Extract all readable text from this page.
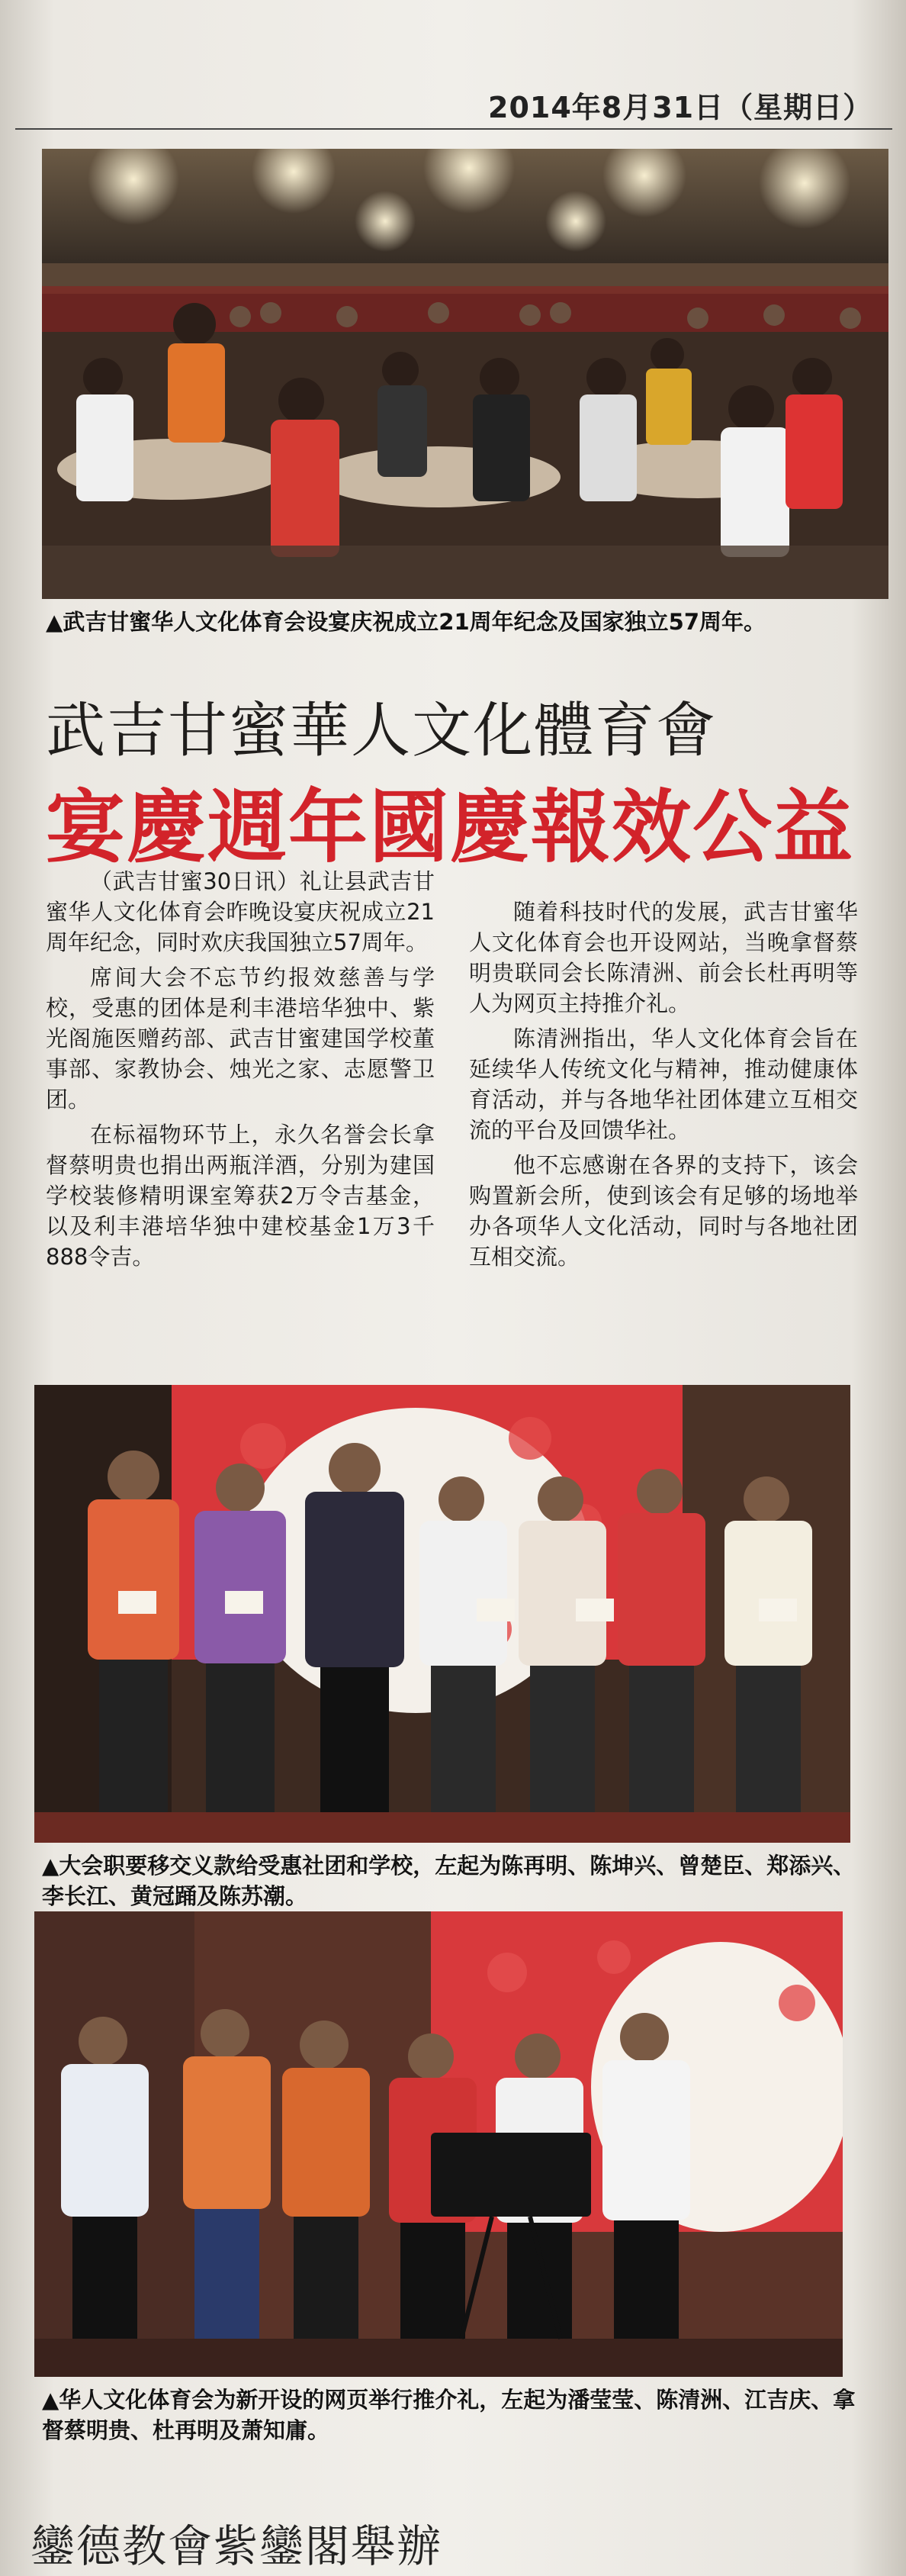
2014年8月31日（星期日）
▲武吉甘蜜华人文化体育会设宴庆祝成立21周年纪念及国家独立57周年。
武吉甘蜜華人文化體育會
宴慶週年國慶報效公益

（武吉甘蜜30日讯）礼让县武吉甘蜜华人文化体育会昨晚设宴庆祝成立21周年纪念，同时欢庆我国独立57周年。

席间大会不忘节约报效慈善与学校，受惠的团体是利丰港培华独中、紫光阁施医赠药部、武吉甘蜜建国学校董事部、家教协会、烛光之家、志愿警卫团。

在标福物环节上，永久名誉会长拿督蔡明贵也捐出两瓶洋酒，分别为建国学校装修精明课室筹获2万令吉基金，以及利丰港培华独中建校基金1万3千888令吉。

随着科技时代的发展，武吉甘蜜华人文化体育会也开设网站，当晚拿督蔡明贵联同会长陈清洲、前会长杜再明等人为网页主持推介礼。

陈清洲指出，华人文化体育会旨在延续华人传统文化与精神，推动健康体育活动，并与各地华社团体建立互相交流的平台及回馈华社。

他不忘感谢在各界的支持下，该会购置新会所，使到该会有足够的场地举办各项华人文化活动，同时与各地社团互相交流。

▲大会职要移交义款给受惠社团和学校，左起为陈再明、陈坤兴、曾楚臣、郑添兴、李长江、黄冠踊及陈苏潮。
▲华人文化体育会为新开设的网页举行推介礼，左起为潘莹莹、陈清洲、江吉庆、拿督蔡明贵、杜再明及萧知庸。
鑾德教會紫鑾閣舉辦
